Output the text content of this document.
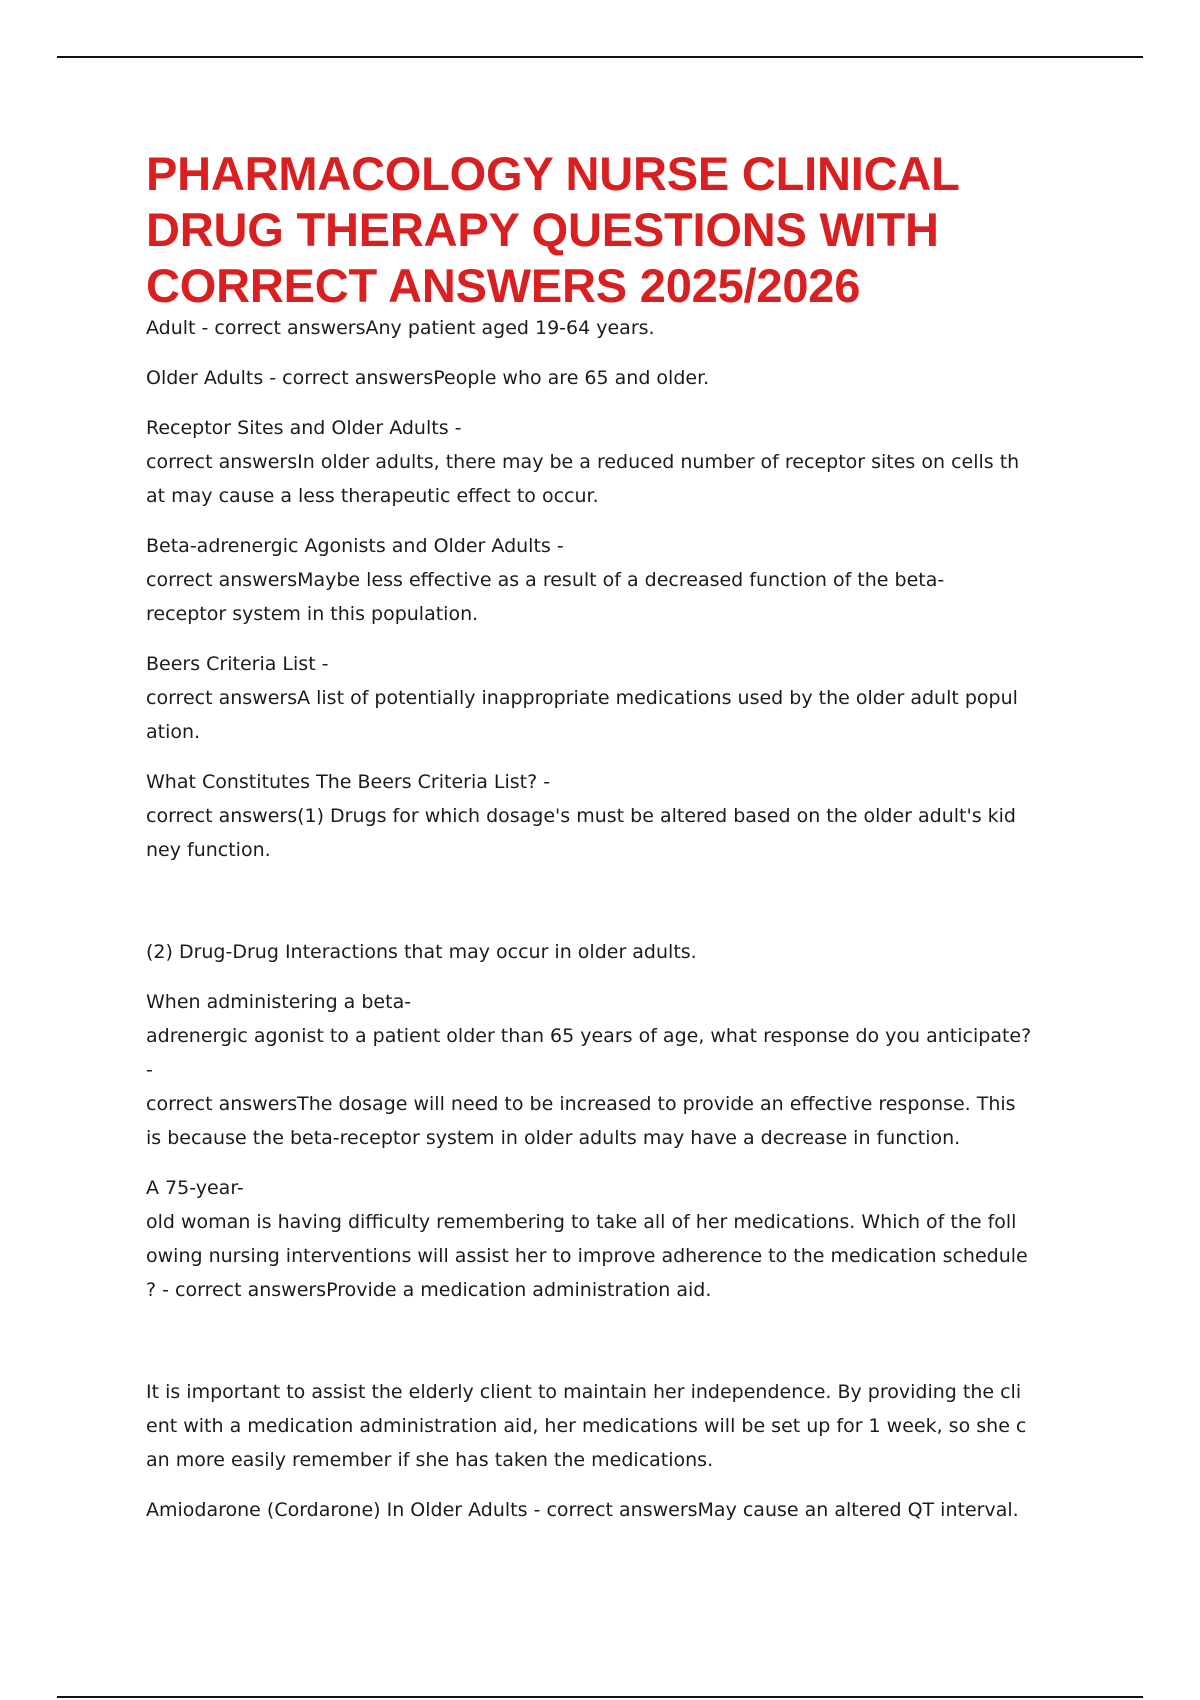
PHARMACOLOGY NURSE CLINICAL
DRUG THERAPY QUESTIONS WITH
CORRECT ANSWERS 2025/2026
Adult - correct answersAny patient aged 19-64 years.
Older Adults - correct answersPeople who are 65 and older.
Receptor Sites and Older Adults -
correct answersIn older adults, there may be a reduced number of receptor sites on cells th
at may cause a less therapeutic effect to occur.
Beta-adrenergic Agonists and Older Adults -
correct answersMaybe less effective as a result of a decreased function of the beta-
receptor system in this population.
Beers Criteria List -
correct answersA list of potentially inappropriate medications used by the older adult popul
ation.
What Constitutes The Beers Criteria List? -
correct answers(1) Drugs for which dosage's must be altered based on the older adult's kid
ney function.
(2) Drug-Drug Interactions that may occur in older adults.
When administering a beta-
adrenergic agonist to a patient older than 65 years of age, what response do you anticipate?
-
correct answersThe dosage will need to be increased to provide an effective response. This
is because the beta-receptor system in older adults may have a decrease in function.
A 75-year-
old woman is having difficulty remembering to take all of her medications. Which of the foll
owing nursing interventions will assist her to improve adherence to the medication schedule
? - correct answersProvide a medication administration aid.
It is important to assist the elderly client to maintain her independence. By providing the cli
ent with a medication administration aid, her medications will be set up for 1 week, so she c
an more easily remember if she has taken the medications.
Amiodarone (Cordarone) In Older Adults - correct answersMay cause an altered QT interval.
